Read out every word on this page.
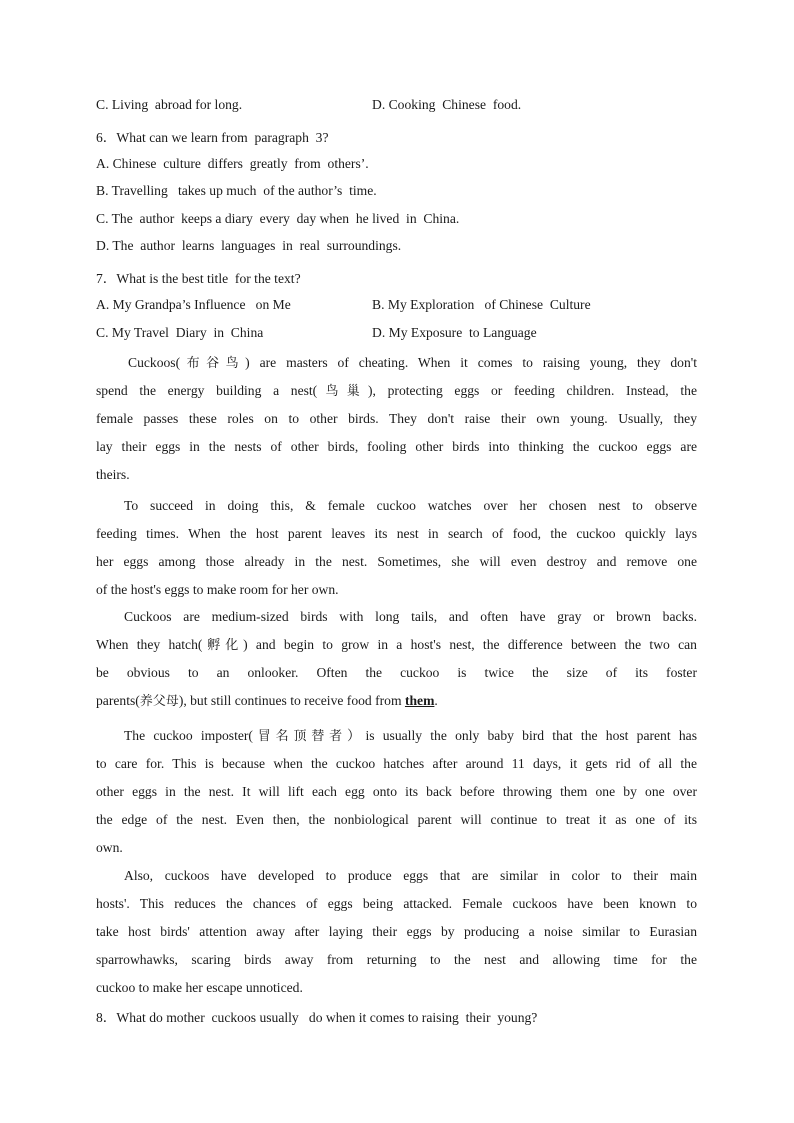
C. Living  abroad for long.	D. Cooking  Chinese  food.
6．What can we learn from  paragraph  3?
A. Chinese  culture  differs  greatly  from  others’.
B. Travelling   takes up much  of the author’s  time.
C. The  author  keeps a diary  every  day when  he lived  in  China.
D. The  author  learns  languages  in  real  surroundings.
7．What is the best title  for the text?
A. My Grandpa’s Influence   on Me	B. My Exploration   of Chinese  Culture
C. My Travel  Diary  in  China	D. My Exposure  to Language
Cuckoos(布谷鸟) are masters of cheating. When it comes to raising young, they don't
spend the energy building a nest(鸟巢), protecting eggs or feeding children. Instead, the
female passes these roles on to other birds. They don't raise their own young. Usually, they
lay their eggs in the nests of other birds, fooling other birds into thinking the cuckoo eggs are
theirs.
To succeed in doing this, & female cuckoo watches over her chosen nest to observe
feeding times. When the host parent leaves its nest in search of food, the cuckoo quickly lays
her eggs among those already in the nest. Sometimes, she will even destroy and remove one
of the host's eggs to make room for her own.
Cuckoos are medium-sized birds with long tails, and often have gray or brown backs.
When they hatch(孵化) and begin to grow in a host's nest, the difference between the two can
be obvious to an onlooker. Often the cuckoo is twice the size of its foster
parents(养父母), but still continues to receive food from them.
The cuckoo imposter(冒名顶替者）is usually the only baby bird that the host parent has
to care for. This is because when the cuckoo hatches after around 11 days, it gets rid of all the
other eggs in the nest. It will lift each egg onto its back before throwing them one by one over
the edge of the nest. Even then, the nonbiological parent will continue to treat it as one of its
own.
Also, cuckoos have developed to produce eggs that are similar in color to their main
hosts'. This reduces the chances of eggs being attacked. Female cuckoos have been known to
take host birds' attention away after laying their eggs by producing a noise similar to Eurasian
sparrowhawks, scaring birds away from returning to the nest and allowing time for the
cuckoo to make her escape unnoticed.
8．What do mother  cuckoos usually   do when it comes to raising  their  young?
